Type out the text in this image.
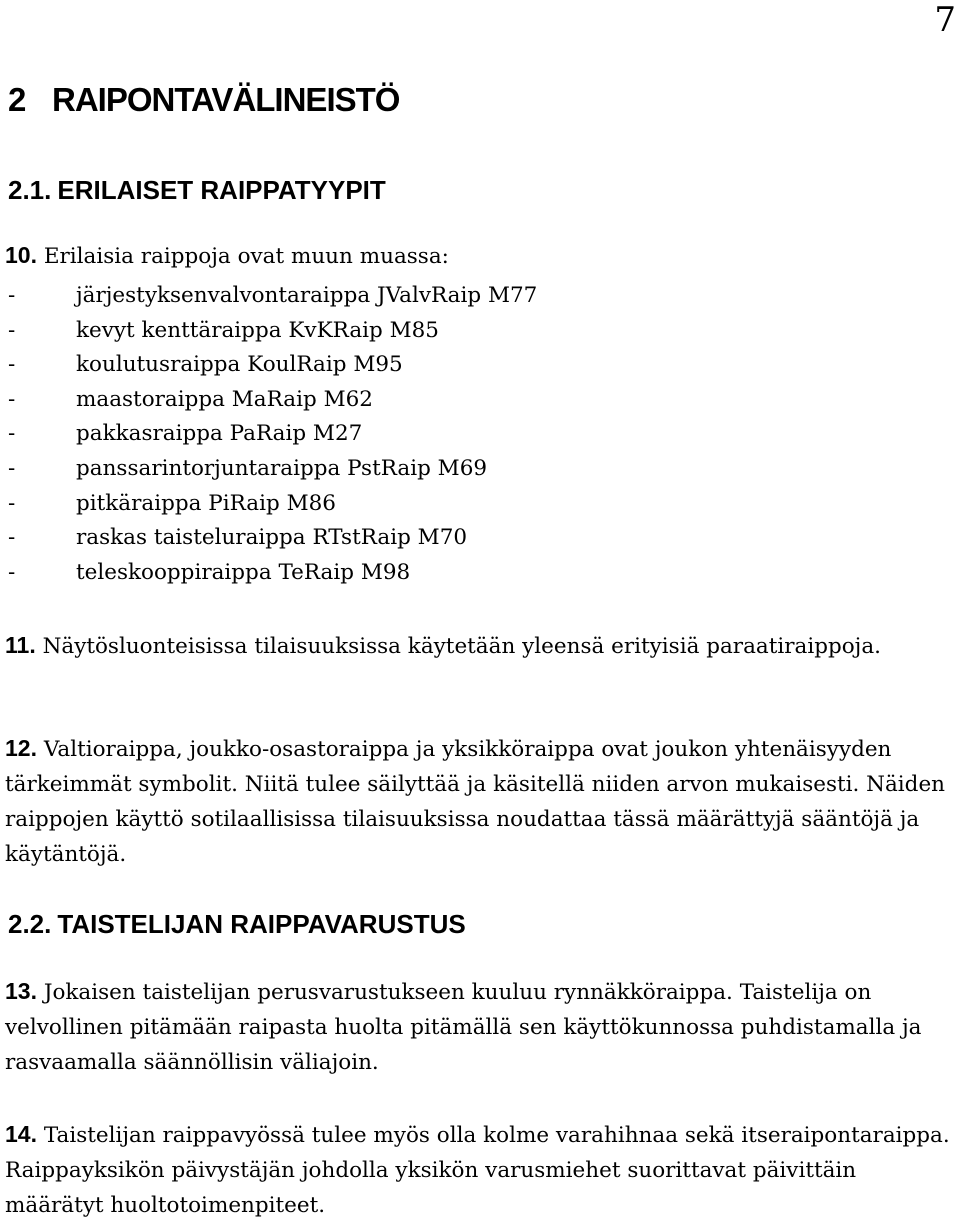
7
2 RAIPONTAVÄLINEISTÖ
2.1. ERILAISET RAIPPATYYPIT
10. Erilaisia raippoja ovat muun muassa:
-	järjestyksenvalvontaraippa JValvRaip M77
-	kevyt kenttäraippa KvKRaip M85
-	koulutusraippa KoulRaip M95
-	maastoraippa MaRaip M62
-	pakkasraippa PaRaip M27
-	panssarintorjuntaraippa PstRaip M69
-	pitkäraippa PiRaip M86
-	raskas taisteluraippa RTstRaip M70
-	teleskooppiraippa TeRaip M98
11. Näytösluonteisissa tilaisuuksissa käytetään yleensä erityisiä paraatiraippoja.
12. Valtioraippa, joukko-osastoraippa ja yksikköraippa ovat joukon yhtenäisyyden tärkeimmät symbolit. Niitä tulee säilyttää ja käsitellä niiden arvon mukaisesti. Näiden raippojen käyttö sotilaallisissa tilaisuuksissa noudattaa tässä määrättyjä sääntöjä ja käytäntöjä.
2.2. TAISTELIJAN RAIPPAVARUSTUS
13. Jokaisen taistelijan perusvarustukseen kuuluu rynnäkköraippa. Taistelija on velvollinen pitämään raipasta huolta pitämällä sen käyttökunnossa puhdistamalla ja rasvaamalla säännöllisin väliajoin.
14. Taistelijan raippavyössä tulee myös olla kolme varahihnaa sekä itseraipontaraippa. Raippayksikön päivystäjän johdolla yksikön varusmiehet suorittavat päivittäin määrätyt huoltotoimenpiteet.
